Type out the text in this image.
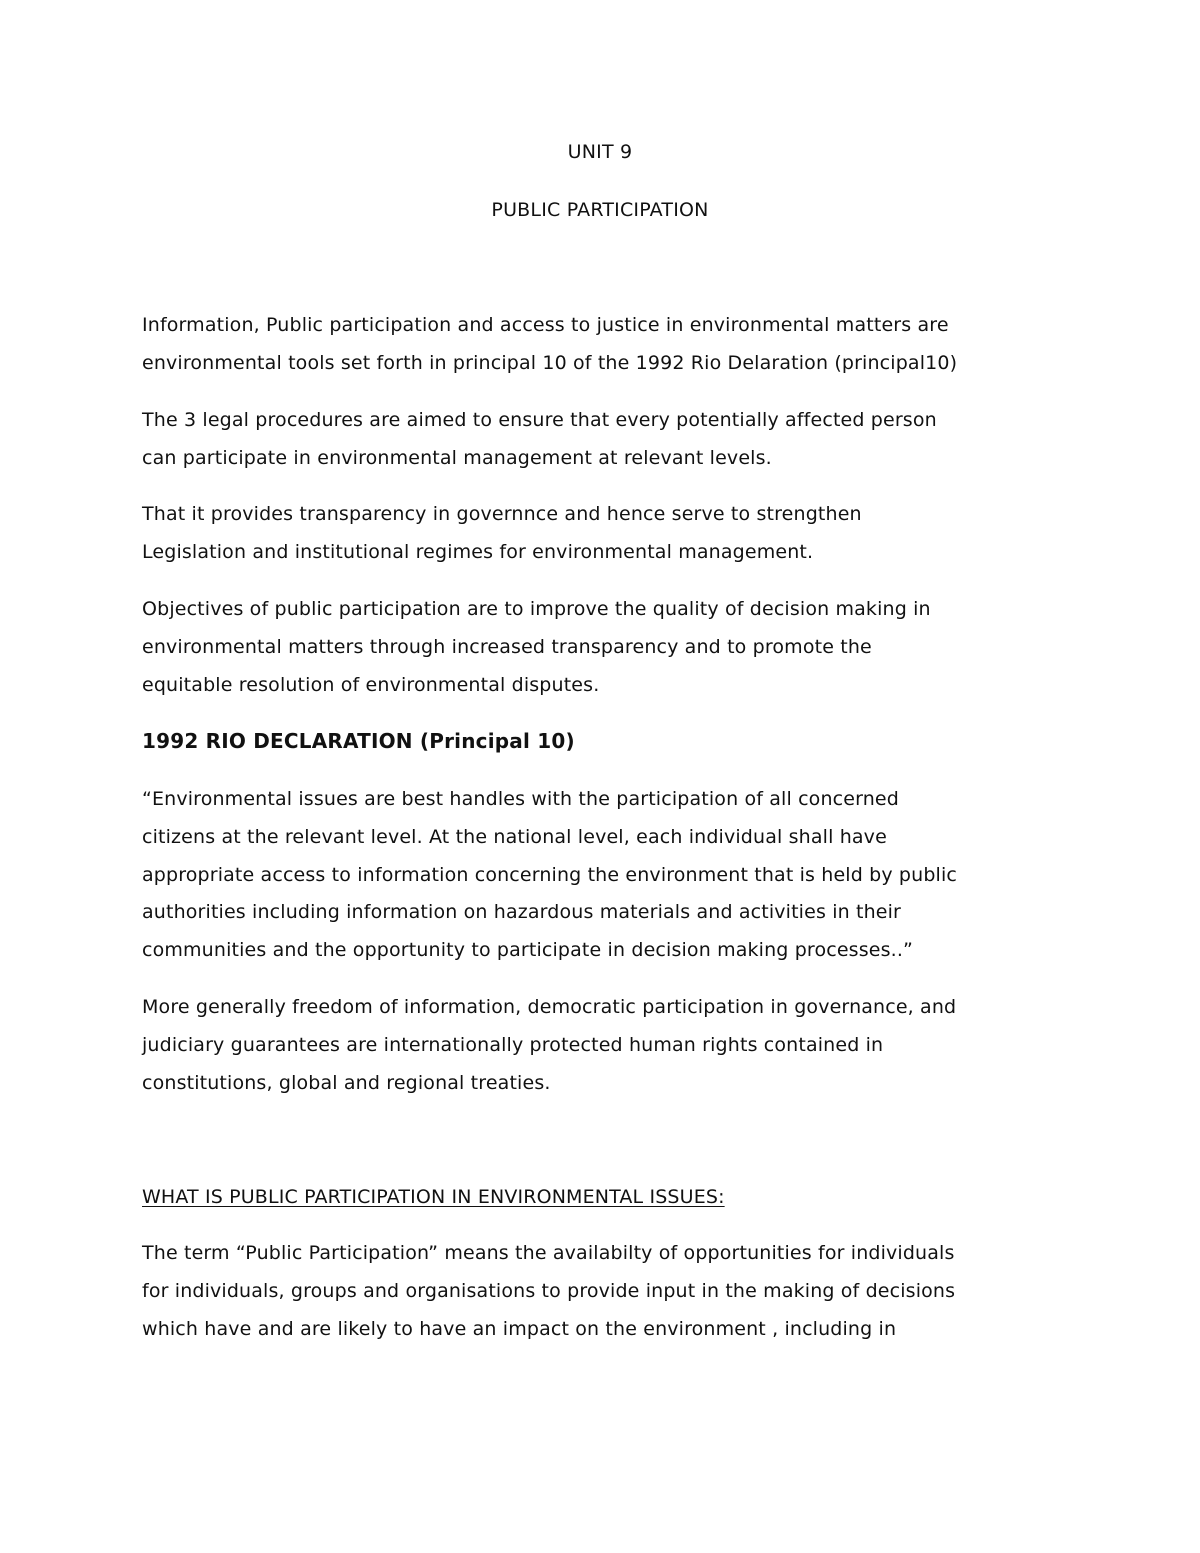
UNIT 9
PUBLIC PARTICIPATION

Information, Public participation and access to justice in environmental matters are
environmental tools set forth in principal 10 of the 1992 Rio Delaration (principal10)

The 3 legal procedures are aimed to ensure that every potentially affected person
can participate in environmental management at relevant levels.

That it provides transparency in governnce and hence serve to strengthen
Legislation and institutional regimes for environmental management.

Objectives of public participation are to improve the quality of decision making in
environmental matters through increased transparency and to promote the
equitable resolution of environmental disputes.

1992 RIO DECLARATION (Principal 10)

“Environmental issues are best handles with the participation of all concerned
citizens at the relevant level. At the national level, each individual shall have
appropriate access to information concerning the environment that is held by public
authorities including information on hazardous materials and activities in their
communities and the opportunity to participate in decision making processes..”

More generally freedom of information, democratic participation in governance, and
judiciary guarantees are internationally protected human rights contained in
constitutions, global and regional treaties.

WHAT IS PUBLIC PARTICIPATION IN ENVIRONMENTAL ISSUES:

The term “Public Participation” means the availabilty of opportunities for individuals
for individuals, groups and organisations to provide input in the making of decisions
which have and are likely to have an impact on the environment , including in
